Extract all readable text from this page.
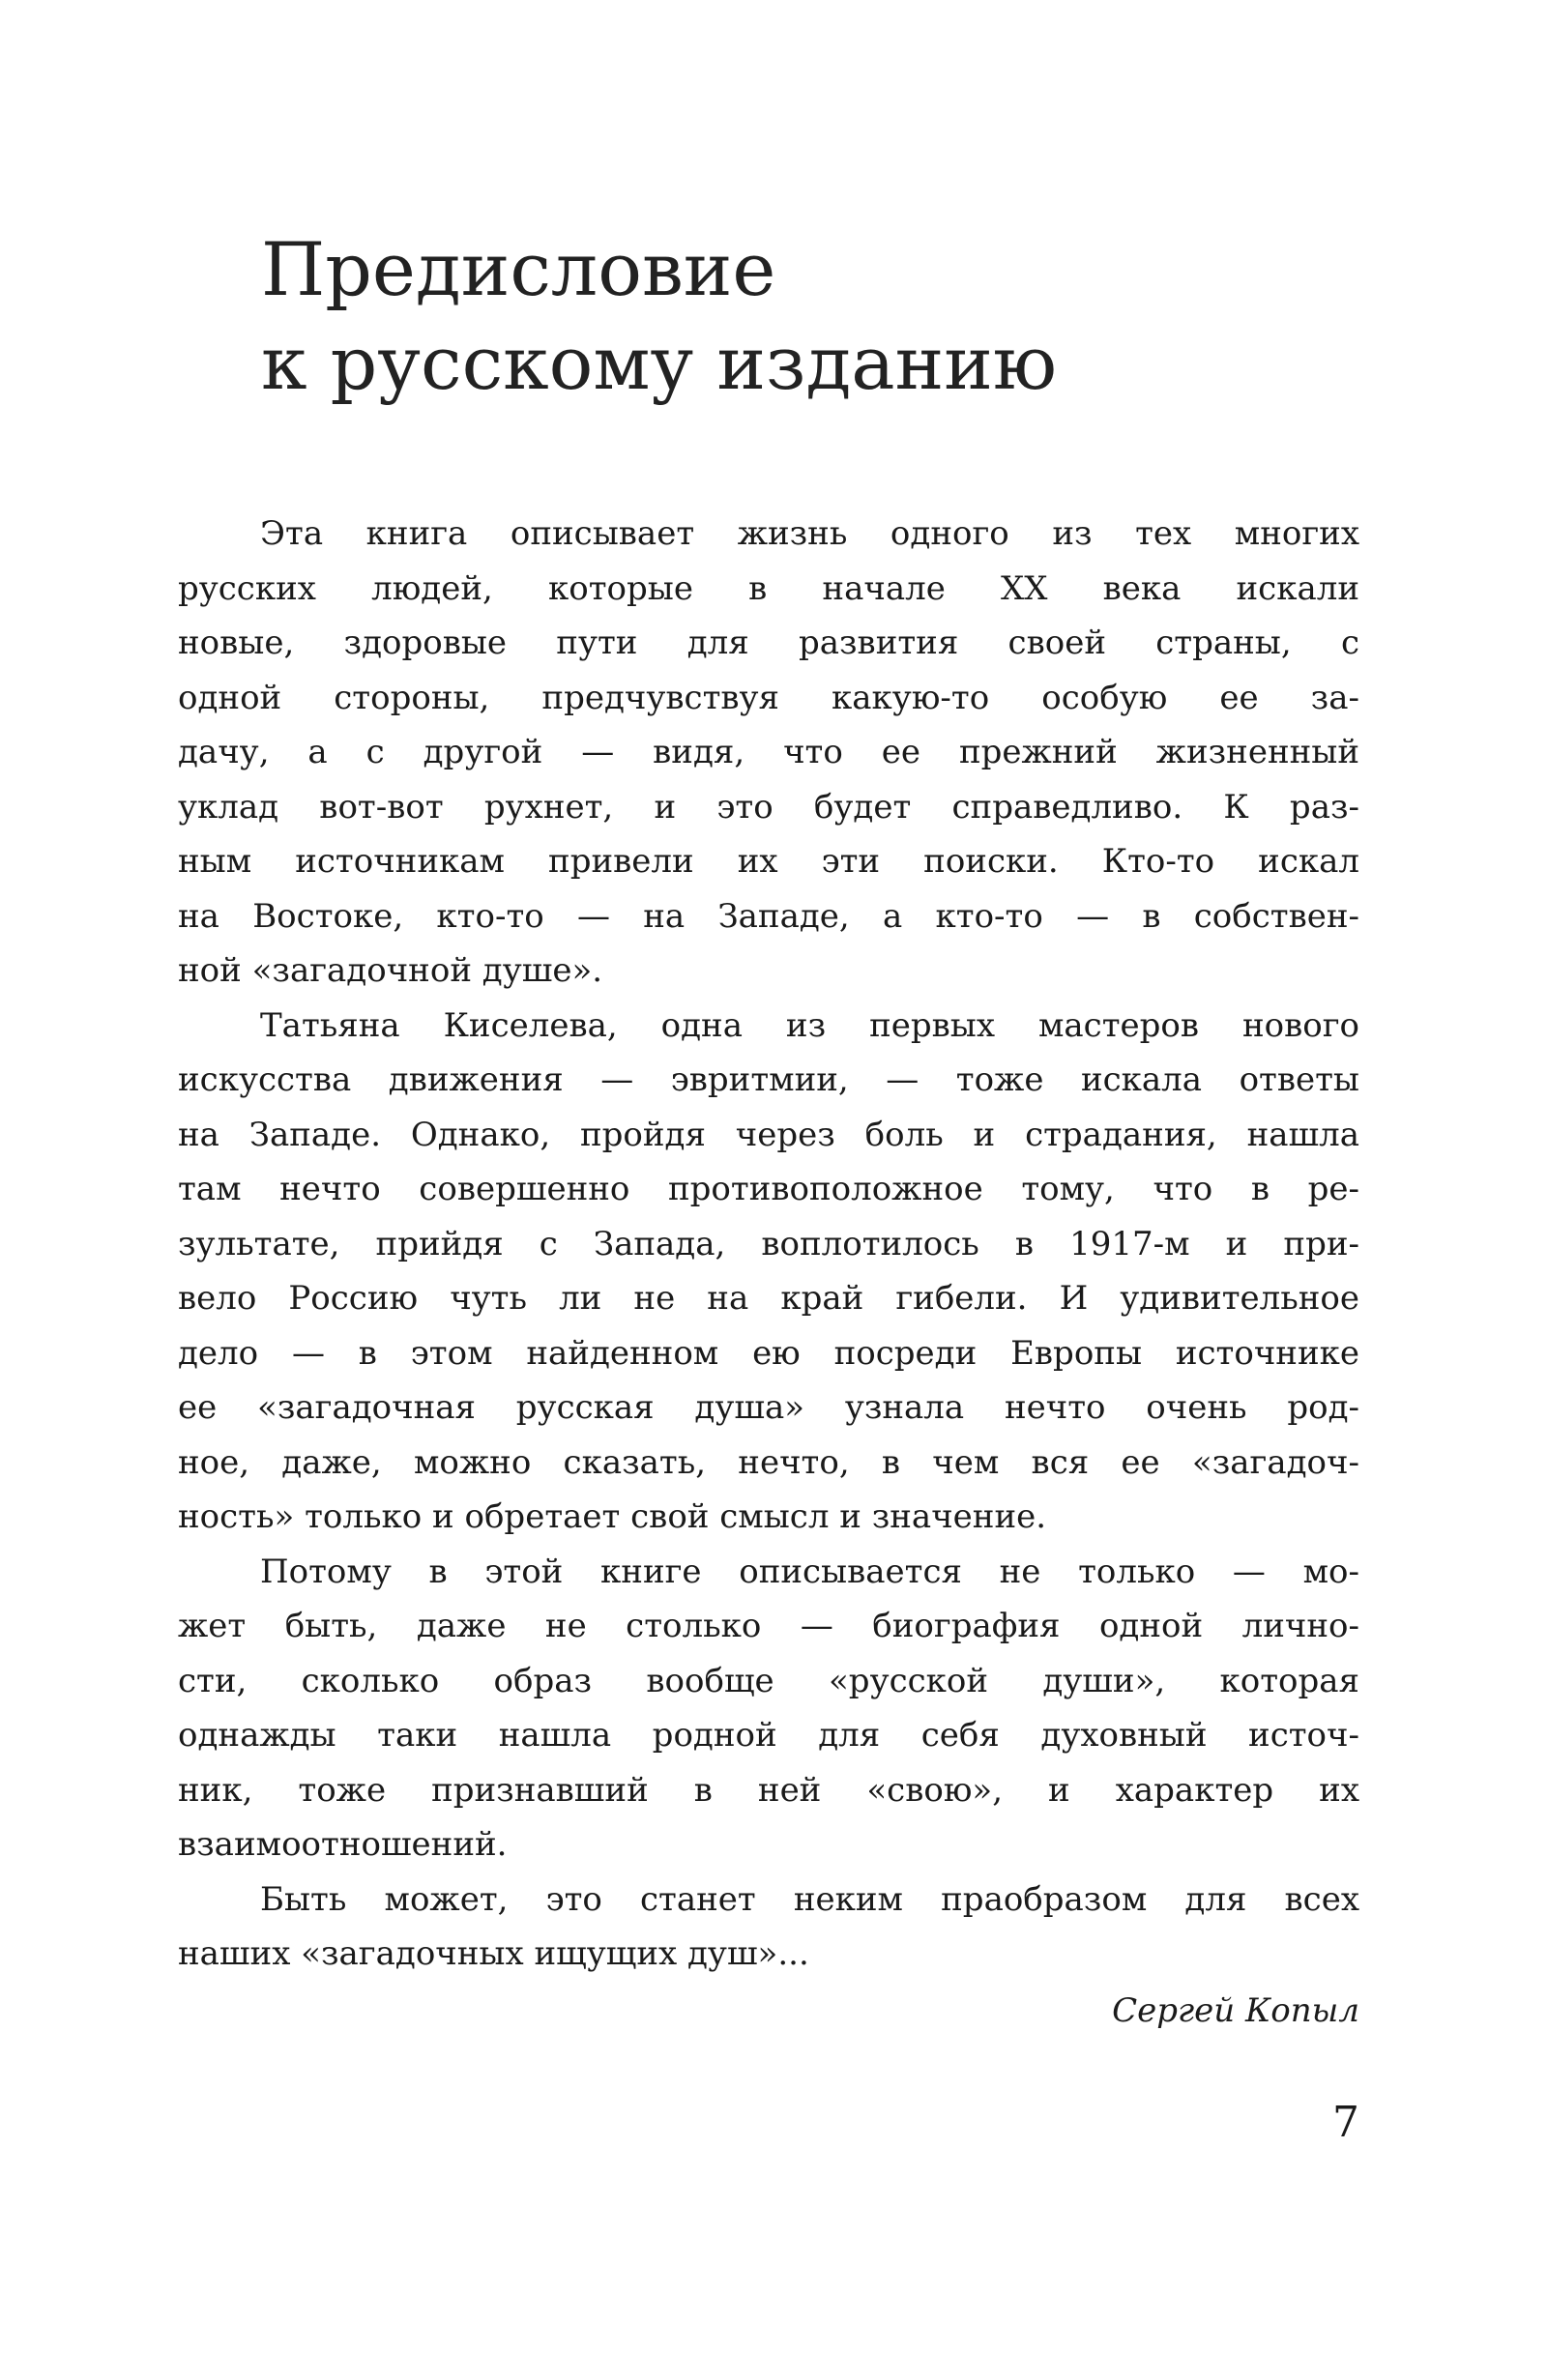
Предисловие
к русскому изданию
Эта книга описывает жизнь одного из тех многих
русских людей, которые в начале XX века искали
новые, здоровые пути для развития своей страны, с
одной стороны, предчувствуя какую-то особую ее за-
дачу, а с другой — видя, что ее прежний жизненный
уклад вот-вот рухнет, и это будет справедливо. К раз-
ным источникам привели их эти поиски. Кто-то искал
на Востоке, кто-то — на Западе, а кто-то — в собствен-
ной «загадочной душе».
Татьяна Киселева, одна из первых мастеров нового
искусства движения — эвритмии, — тоже искала ответы
на Западе. Однако, пройдя через боль и страдания, нашла
там нечто совершенно противоположное тому, что в ре-
зультате, прийдя с Запада, воплотилось в 1917-м и при-
вело Россию чуть ли не на край гибели. И удивительное
дело — в этом найденном ею посреди Европы источнике
ее «загадочная русская душа» узнала нечто очень род-
ное, даже, можно сказать, нечто, в чем вся ее «загадоч-
ность» только и обретает свой смысл и значение.
Потому в этой книге описывается не только — мо-
жет быть, даже не столько — биография одной лично-
сти, сколько образ вообще «русской души», которая
однажды таки нашла родной для себя духовный источ-
ник, тоже признавший в ней «свою», и характер их
взаимоотношений.
Быть может, это станет неким праобразом для всех
наших «загадочных ищущих душ»...
Сергей Копыл
7
